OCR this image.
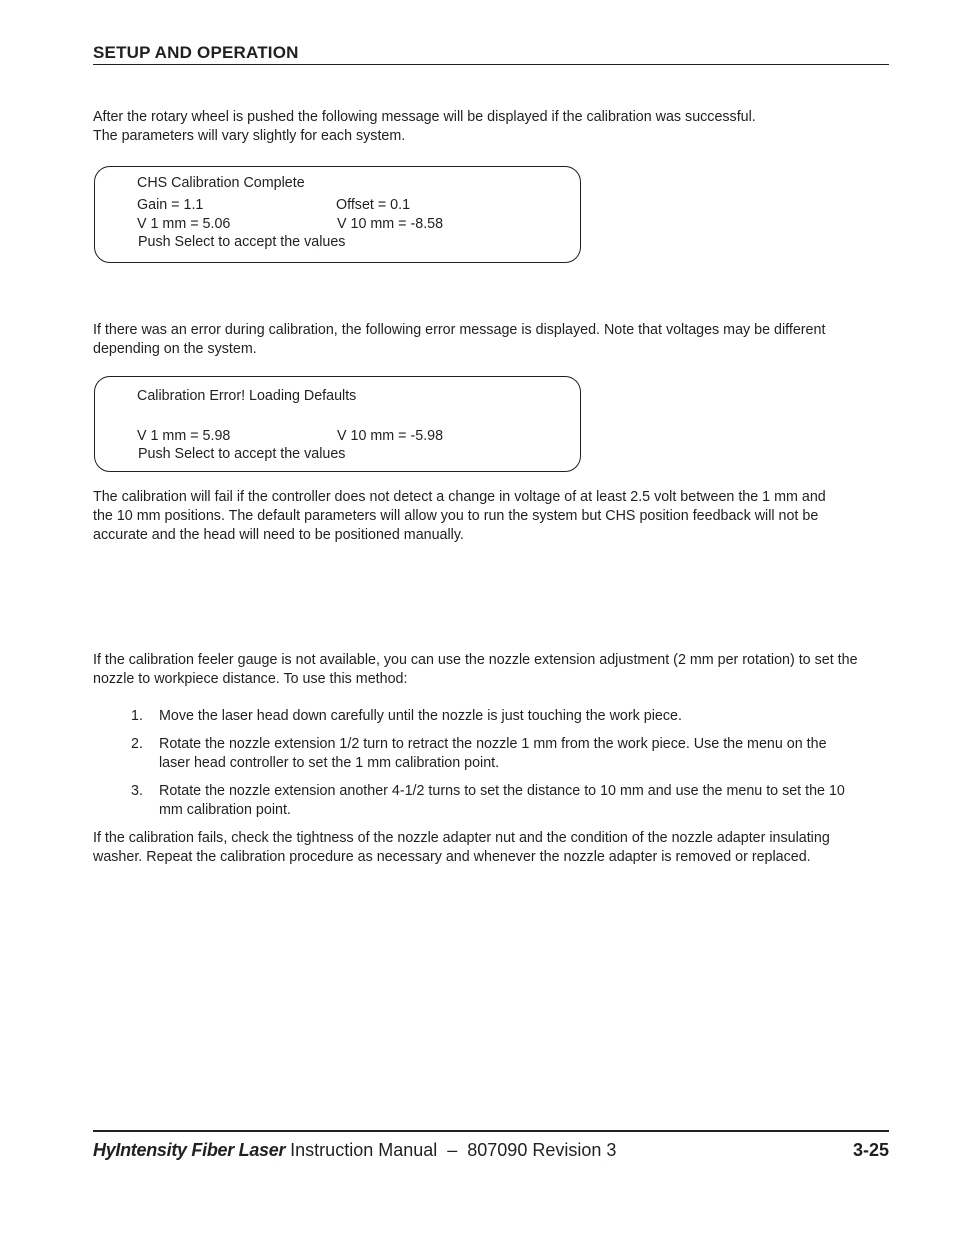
SETUP AND OPERATION
After the rotary wheel is pushed the following message will be displayed if the calibration was successful.
The parameters will vary slightly for each system.
CHS Calibration Complete
Gain = 1.1	Offset = 0.1
V 1 mm = 5.06	V 10 mm = -8.58
Push Select to accept the values
If there was an error during calibration, the following error message is displayed. Note that voltages may be different
depending on the system.
Calibration Error! Loading Defaults
V 1 mm = 5.98	V 10 mm = -5.98
Push Select to accept the values
The calibration will fail if the controller does not detect a change in voltage of at least 2.5 volt between the 1 mm and
the 10 mm positions. The default parameters will allow you to run the system but CHS position feedback will not be
accurate and the head will need to be positioned manually.
If the calibration feeler gauge is not available, you can use the nozzle extension adjustment (2 mm per rotation) to set the
nozzle to workpiece distance. To use this method:
1. Move the laser head down carefully until the nozzle is just touching the work piece.
2. Rotate the nozzle extension 1/2 turn to retract the nozzle 1 mm from the work piece. Use the menu on the
laser head controller to set the 1 mm calibration point.
3. Rotate the nozzle extension another 4-1/2 turns to set the distance to 10 mm and use the menu to set the 10
mm calibration point.
If the calibration fails, check the tightness of the nozzle adapter nut and the condition of the nozzle adapter insulating
washer. Repeat the calibration procedure as necessary and whenever the nozzle adapter is removed or replaced.
HyIntensity Fiber Laser Instruction Manual  –  807090 Revision 3	3-25
